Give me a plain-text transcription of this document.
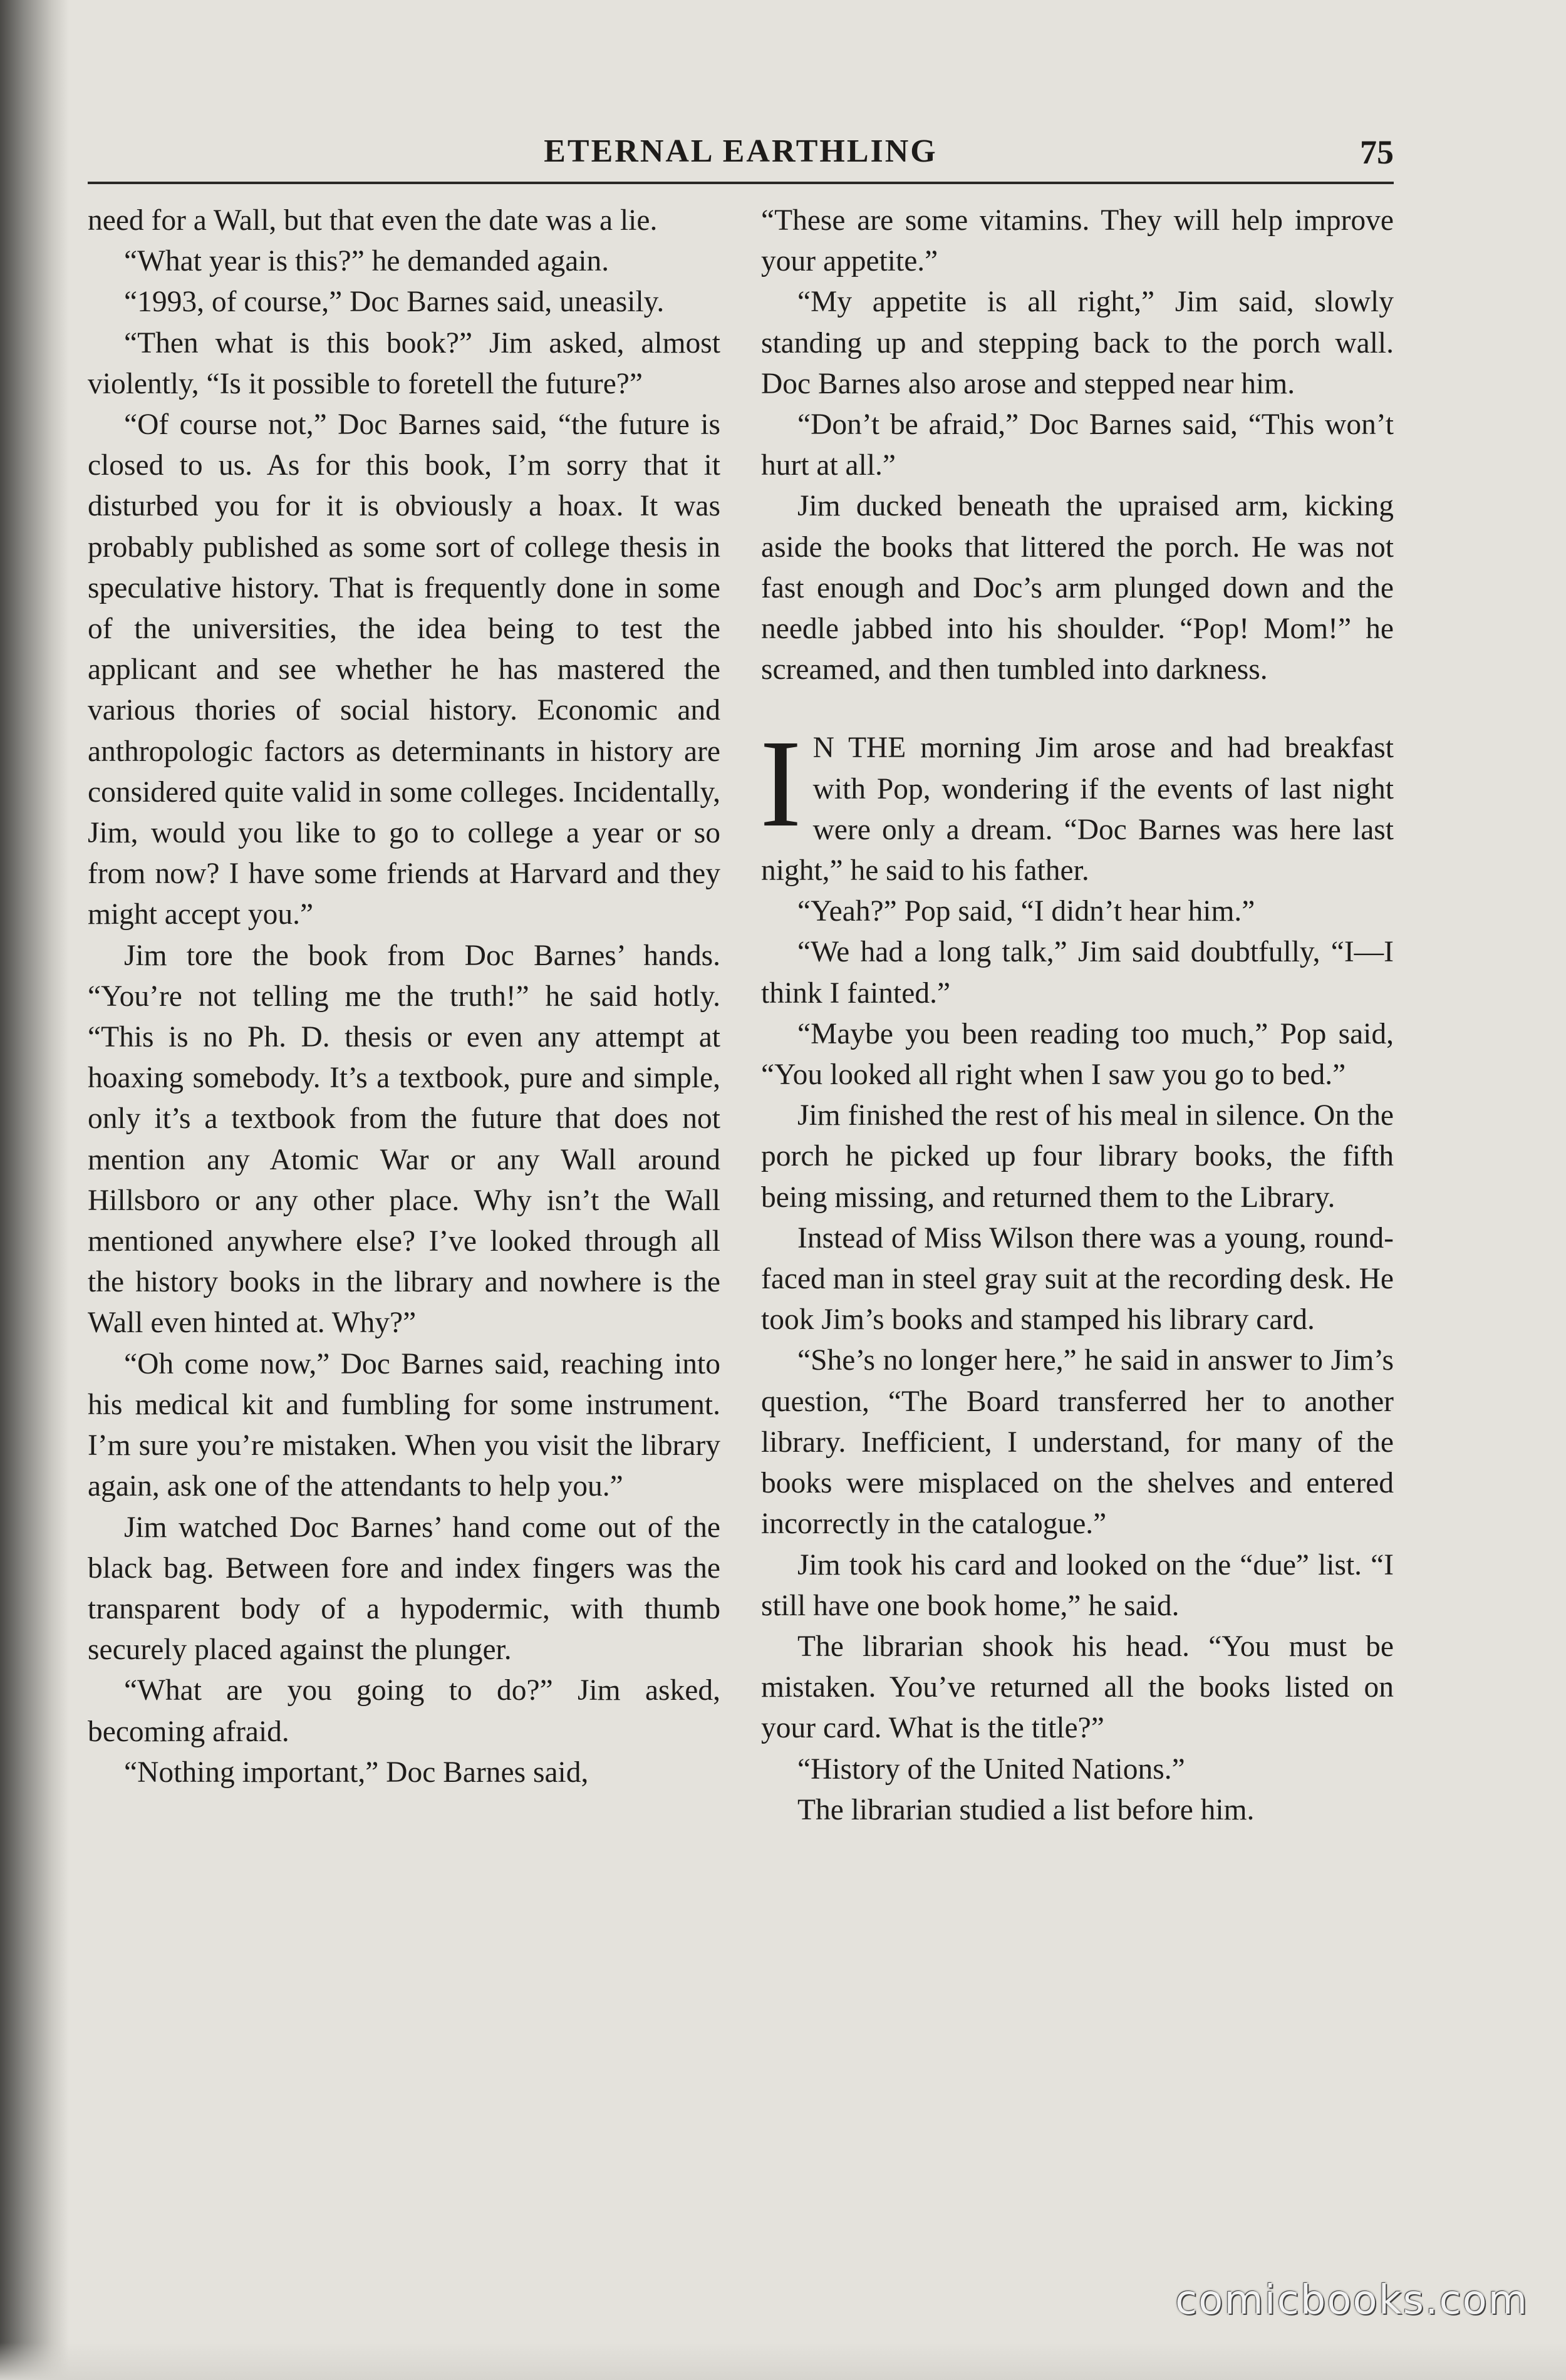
ETERNAL EARTHLING	75

need for a Wall, but that even the date was a lie.

“What year is this?” he demanded again.

“1993, of course,” Doc Barnes said, uneasily.

“Then what is this book?” Jim asked, almost violently, “Is it possible to foretell the future?”

“Of course not,” Doc Barnes said, “the future is closed to us. As for this book, I’m sorry that it disturbed you for it is obviously a hoax. It was probably published as some sort of college thesis in speculative history. That is frequently done in some of the universities, the idea being to test the applicant and see whether he has mastered the various thories of social history. Economic and anthropologic factors as determinants in history are considered quite valid in some colleges. Incidentally, Jim, would you like to go to college a year or so from now? I have some friends at Harvard and they might accept you.”

Jim tore the book from Doc Barnes’ hands. “You’re not telling me the truth!” he said hotly. “This is no Ph. D. thesis or even any attempt at hoaxing somebody. It’s a textbook, pure and simple, only it’s a textbook from the future that does not mention any Atomic War or any Wall around Hillsboro or any other place. Why isn’t the Wall mentioned anywhere else? I’ve looked through all the history books in the library and nowhere is the Wall even hinted at. Why?”

“Oh come now,” Doc Barnes said, reaching into his medical kit and fumbling for some instrument. I’m sure you’re mistaken. When you visit the library again, ask one of the attendants to help you.”

Jim watched Doc Barnes’ hand come out of the black bag. Between fore and index fingers was the transparent body of a hypodermic, with thumb securely placed against the plunger.

“What are you going to do?” Jim asked, becoming afraid.

“Nothing important,” Doc Barnes said,

“These are some vitamins. They will help improve your appetite.”

“My appetite is all right,” Jim said, slowly standing up and stepping back to the porch wall. Doc Barnes also arose and stepped near him.

“Don’t be afraid,” Doc Barnes said, “This won’t hurt at all.”

Jim ducked beneath the upraised arm, kicking aside the books that littered the porch. He was not fast enough and Doc’s arm plunged down and the needle jabbed into his shoulder. “Pop! Mom!” he screamed, and then tumbled into darkness.

I N THE morning Jim arose and had breakfast with Pop, wondering if the events of last night were only a dream. “Doc Barnes was here last night,” he said to his father.

“Yeah?” Pop said, “I didn’t hear him.”

“We had a long talk,” Jim said doubtfully, “I—I think I fainted.”

“Maybe you been reading too much,” Pop said, “You looked all right when I saw you go to bed.”

Jim finished the rest of his meal in silence. On the porch he picked up four library books, the fifth being missing, and returned them to the Library.

Instead of Miss Wilson there was a young, round-faced man in steel gray suit at the recording desk. He took Jim’s books and stamped his library card.

“She’s no longer here,” he said in answer to Jim’s question, “The Board transferred her to another library. Inefficient, I understand, for many of the books were misplaced on the shelves and entered incorrectly in the catalogue.”

Jim took his card and looked on the “due” list. “I still have one book home,” he said.

The librarian shook his head. “You must be mistaken. You’ve returned all the books listed on your card. What is the title?”

“History of the United Nations.”

The librarian studied a list before him.

comicbooks.com
